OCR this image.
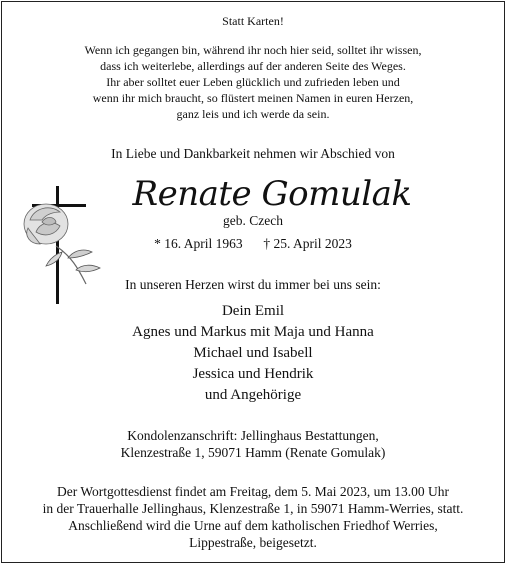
Statt Karten!
Wenn ich gegangen bin, während ihr noch hier seid, solltet ihr wissen,
dass ich weiterlebe, allerdings auf der anderen Seite des Weges.
Ihr aber solltet euer Leben glücklich und zufrieden leben und
wenn ihr mich braucht, so flüstert meinen Namen in euren Herzen,
ganz leis und ich werde da sein.
In Liebe und Dankbarkeit nehmen wir Abschied von
Renate Gomulak
geb. Czech
* 16. April 1963 † 25. April 2023
In unseren Herzen wirst du immer bei uns sein:
Dein Emil
Agnes und Markus mit Maja und Hanna
Michael und Isabell
Jessica und Hendrik
und Angehörige
Kondolenzanschrift: Jellinghaus Bestattungen,
Klenzestraße 1, 59071 Hamm (Renate Gomulak)
Der Wortgottesdienst findet am Freitag, dem 5. Mai 2023, um 13.00 Uhr
in der Trauerhalle Jellinghaus, Klenzestraße 1, in 59071 Hamm-Werries, statt.
Anschließend wird die Urne auf dem katholischen Friedhof Werries,
Lippestraße, beigesetzt.
